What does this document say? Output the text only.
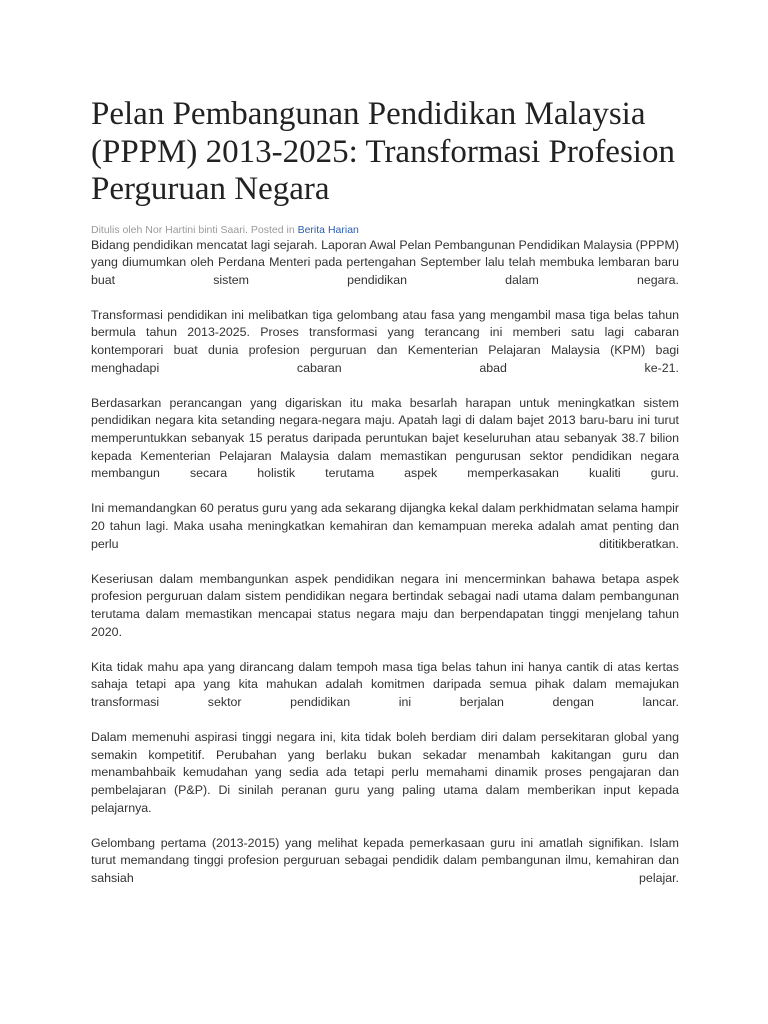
Pelan Pembangunan Pendidikan Malaysia (PPPM) 2013-2025: Transformasi Profesion Perguruan Negara
Ditulis oleh Nor Hartini binti Saari. Posted in Berita Harian

Bidang pendidikan mencatat lagi sejarah. Laporan Awal Pelan Pembangunan Pendidikan Malaysia (PPPM) yang diumumkan oleh Perdana Menteri pada pertengahan September lalu telah membuka lembaran baru buat sistem pendidikan dalam negara.

Transformasi pendidikan ini melibatkan tiga gelombang atau fasa yang mengambil masa tiga belas tahun bermula tahun 2013-2025. Proses transformasi yang terancang ini memberi satu lagi cabaran kontemporari buat dunia profesion perguruan dan Kementerian Pelajaran Malaysia (KPM) bagi menghadapi cabaran abad ke-21.

Berdasarkan perancangan yang digariskan itu maka besarlah harapan untuk meningkatkan sistem pendidikan negara kita setanding negara-negara maju. Apatah lagi di dalam bajet 2013 baru-baru ini turut memperuntukkan sebanyak 15 peratus daripada peruntukan bajet keseluruhan atau sebanyak 38.7 bilion kepada Kementerian Pelajaran Malaysia dalam memastikan pengurusan sektor pendidikan negara membangun secara holistik terutama aspek memperkasakan kualiti guru.

Ini memandangkan 60 peratus guru yang ada sekarang dijangka kekal dalam perkhidmatan selama hampir 20 tahun lagi. Maka usaha meningkatkan kemahiran dan kemampuan mereka adalah amat penting dan perlu dititikberatkan.

Keseriusan dalam membangunkan aspek pendidikan negara ini mencerminkan bahawa betapa aspek profesion perguruan dalam sistem pendidikan negara bertindak sebagai nadi utama dalam pembangunan terutama dalam memastikan mencapai status negara maju dan berpendapatan tinggi menjelang tahun 2020.

Kita tidak mahu apa yang dirancang dalam tempoh masa tiga belas tahun ini hanya cantik di atas kertas sahaja tetapi apa yang kita mahukan adalah komitmen daripada semua pihak dalam memajukan transformasi sektor pendidikan ini berjalan dengan lancar.

Dalam memenuhi aspirasi tinggi negara ini, kita tidak boleh berdiam diri dalam persekitaran global yang semakin kompetitif. Perubahan yang berlaku bukan sekadar menambah kakitangan guru dan menambahbaik kemudahan yang sedia ada tetapi perlu memahami dinamik proses pengajaran dan pembelajaran (P&P). Di sinilah peranan guru yang paling utama dalam memberikan input kepada pelajarnya.

Gelombang pertama (2013-2015) yang melihat kepada pemerkasaan guru ini amatlah signifikan. Islam turut memandang tinggi profesion perguruan sebagai pendidik dalam pembangunan ilmu, kemahiran dan sahsiah pelajar.
